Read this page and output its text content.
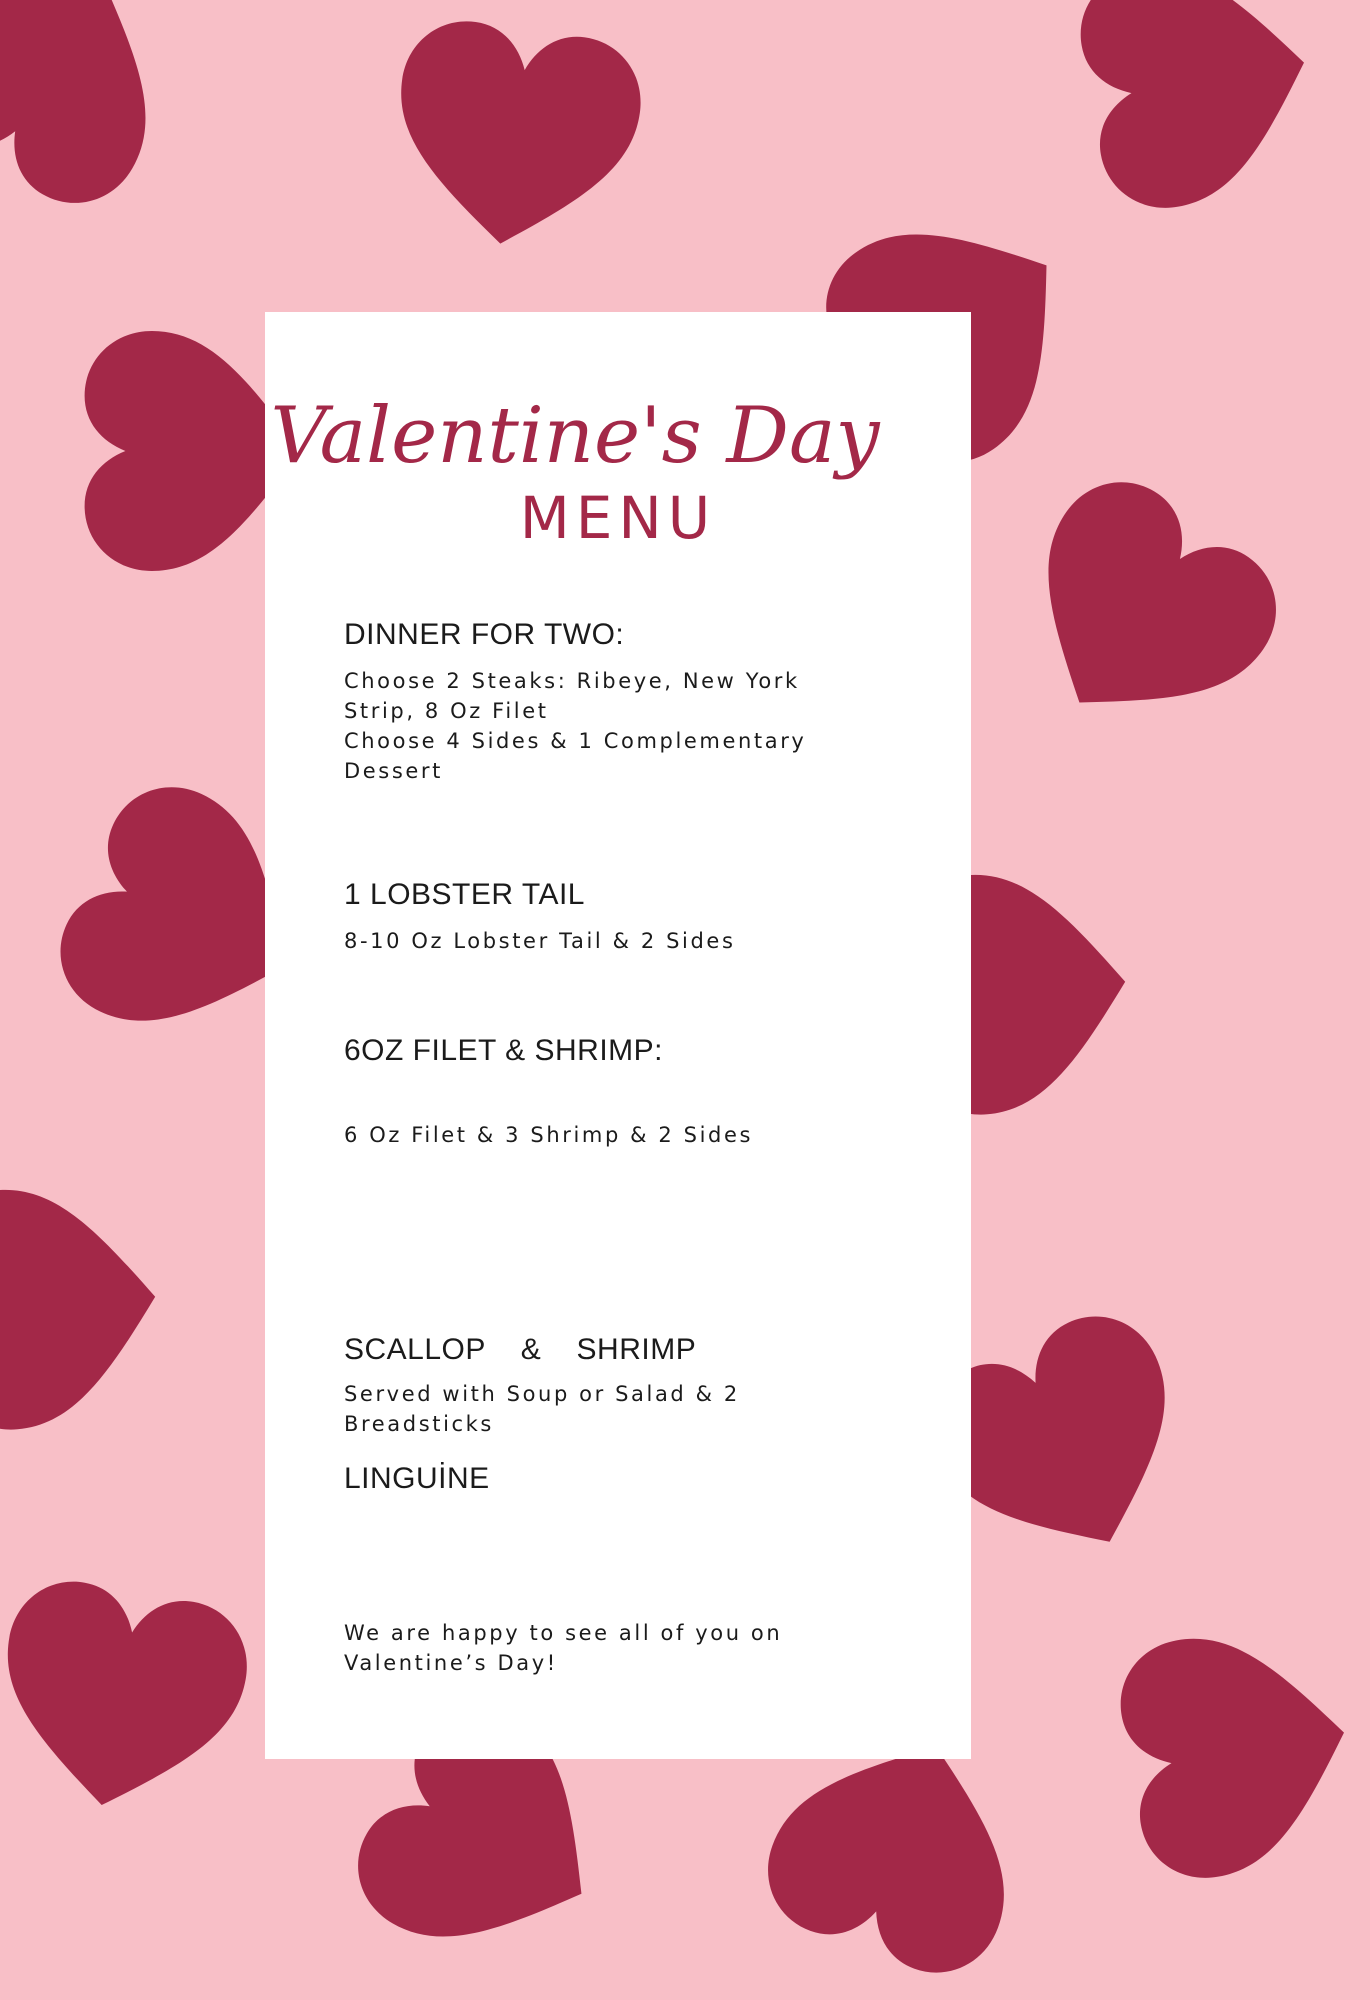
Valentine's Day
MENU
DINNER FOR TWO:
Choose 2 Steaks: Ribeye, New York
Strip, 8 Oz Filet
Choose 4 Sides & 1 Complementary
Dessert
1 LOBSTER TAIL
8-10 Oz Lobster Tail & 2 Sides
6OZ FILET & SHRIMP:
6 Oz Filet & 3 Shrimp & 2 Sides

SCALLOP    &    SHRIMP

LINGUİNE

Served with Soup or Salad & 2
Breadsticks
We are happy to see all of you on
Valentine’s Day!
